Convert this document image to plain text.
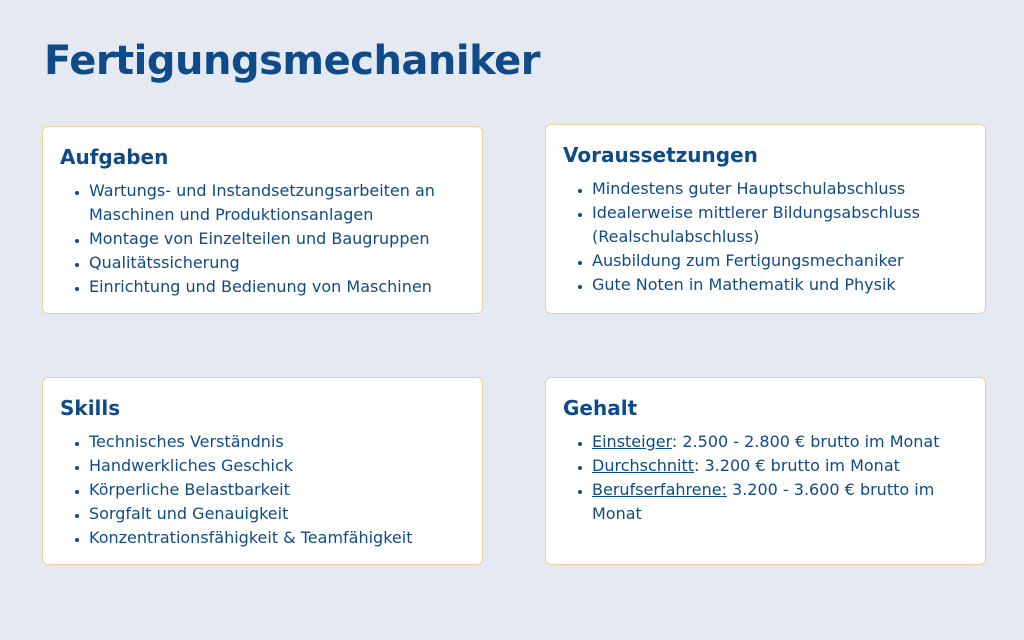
Fertigungsmechaniker
Aufgaben
• Wartungs- und Instandsetzungsarbeiten an Maschinen und Produktionsanlagen
• Montage von Einzelteilen und Baugruppen
• Qualitätssicherung
• Einrichtung und Bedienung von Maschinen
Voraussetzungen
• Mindestens guter Hauptschulabschluss
• Idealerweise mittlerer Bildungsabschluss (Realschulabschluss)
• Ausbildung zum Fertigungsmechaniker
• Gute Noten in Mathematik und Physik
Skills
• Technisches Verständnis
• Handwerkliches Geschick
• Körperliche Belastbarkeit
• Sorgfalt und Genauigkeit
• Konzentrationsfähigkeit & Teamfähigkeit
Gehalt
• Einsteiger: 2.500 - 2.800 € brutto im Monat
• Durchschnitt: 3.200 € brutto im Monat
• Berufserfahrene: 3.200 - 3.600 € brutto im Monat
